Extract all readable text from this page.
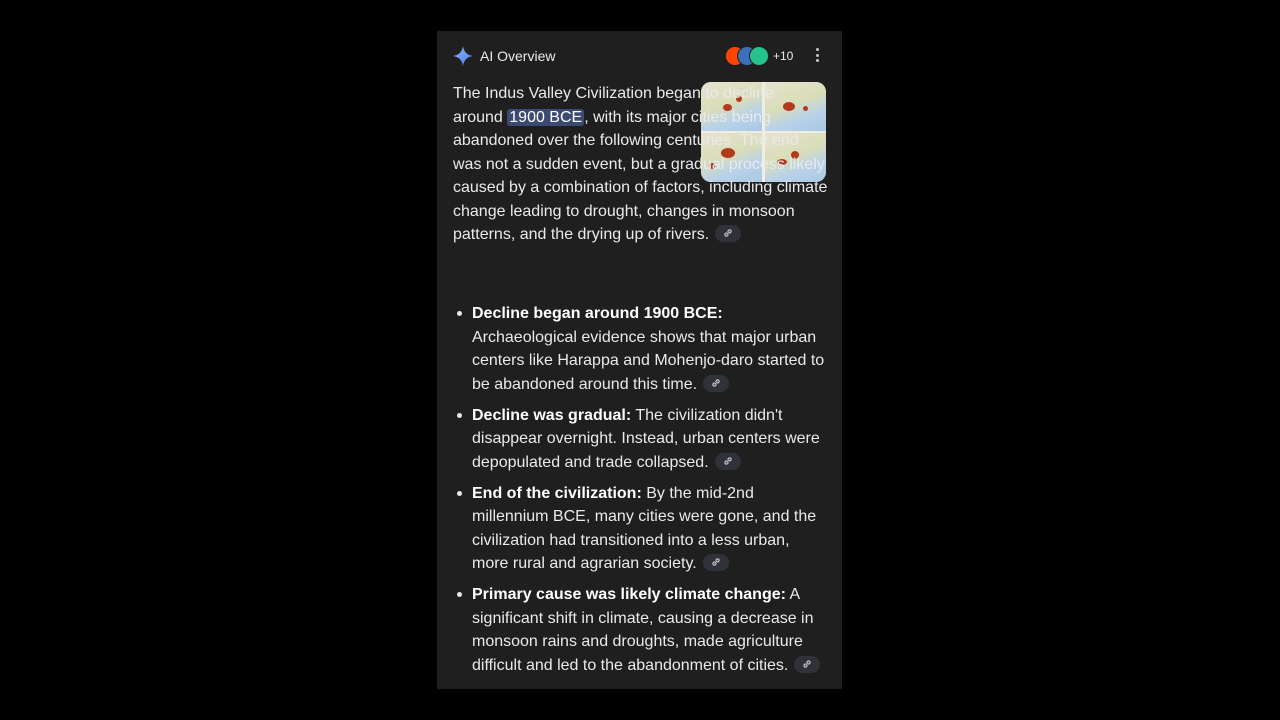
AI Overview	+10
The Indus Valley Civilization began to decline around 1900 BCE , with its major cities being abandoned over the following centuries. The end was not a sudden event, but a gradual process likely caused by a combination of factors, including climate change leading to drought, changes in monsoon patterns, and the drying up of rivers.
Decline began around 1900 BCE: Archaeological evidence shows that major urban centers like Harappa and Mohenjo-daro started to be abandoned around this time.
Decline was gradual: The civilization didn't disappear overnight. Instead, urban centers were depopulated and trade collapsed.
End of the civilization: By the mid-2nd millennium BCE, many cities were gone, and the civilization had transitioned into a less urban, more rural and agrarian society.
Primary cause was likely climate change: A significant shift in climate, causing a decrease in monsoon rains and droughts, made agriculture difficult and led to the abandonment of cities.
